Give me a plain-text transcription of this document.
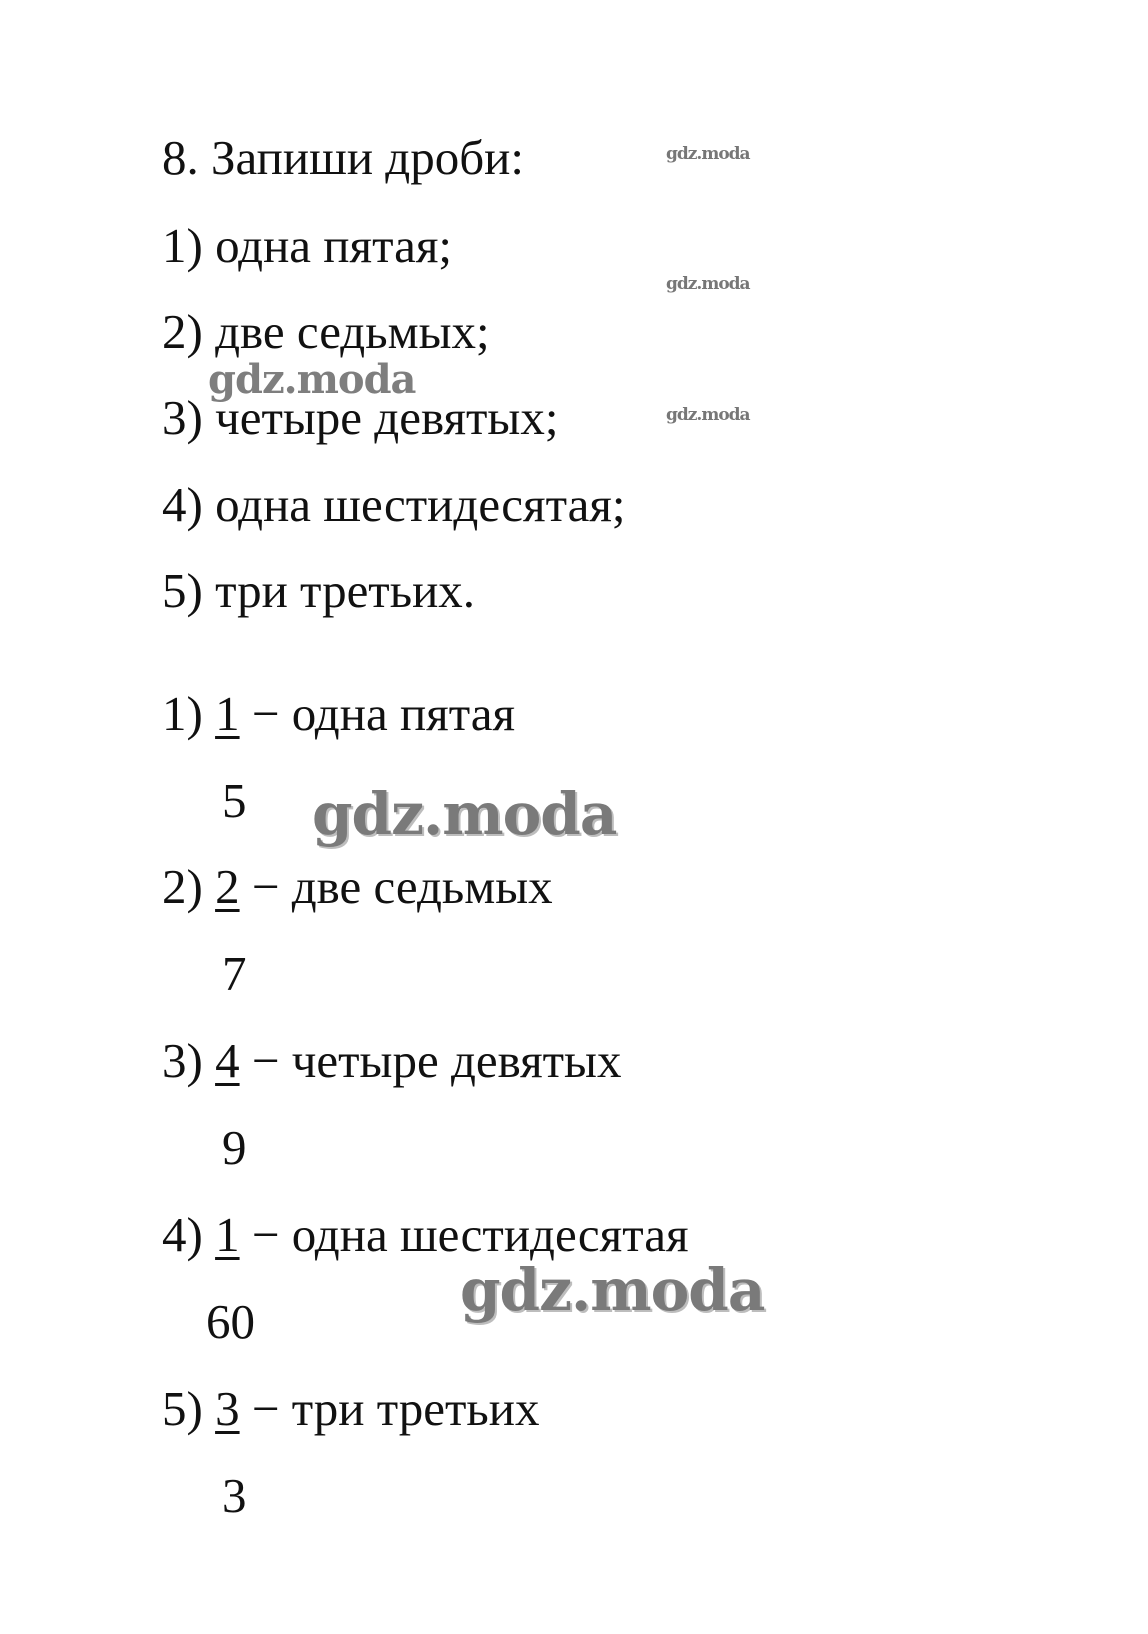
8. Запиши дроби:
1) одна пятая;
2) две седьмых;
3) четыре девятых;
4) одна шестидесятая;
5) три третьих.
1) 1 − одна пятая
5
2) 2 − две седьмых
7
3) 4 − четыре девятых
9
4) 1 − одна шестидесятая
60
5) 3 − три третьих
3
gdz.moda
gdz.moda
gdz.moda
gdz.moda
gdz.moda
gdz.moda
